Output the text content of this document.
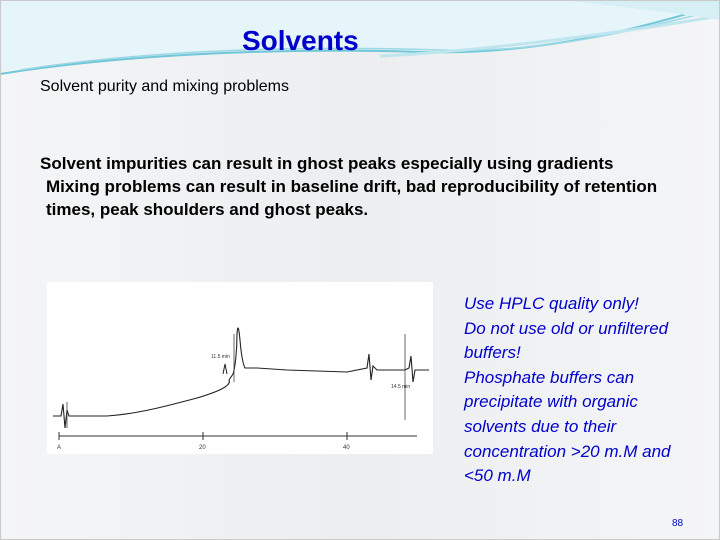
Solvents

Solvent purity and mixing problems

Solvent impurities can result in ghost peaks especially using gradients

Mixing problems can result in baseline drift, bad reproducibility of retention times, peak shoulders and ghost peaks.

A	20	40
11.5 min
14.5 min

Use HPLC quality only!

Do not use old or unfiltered buffers!

Phosphate buffers can precipitate with organic solvents due to their concentration >20 m.M and <50 m.M

88
